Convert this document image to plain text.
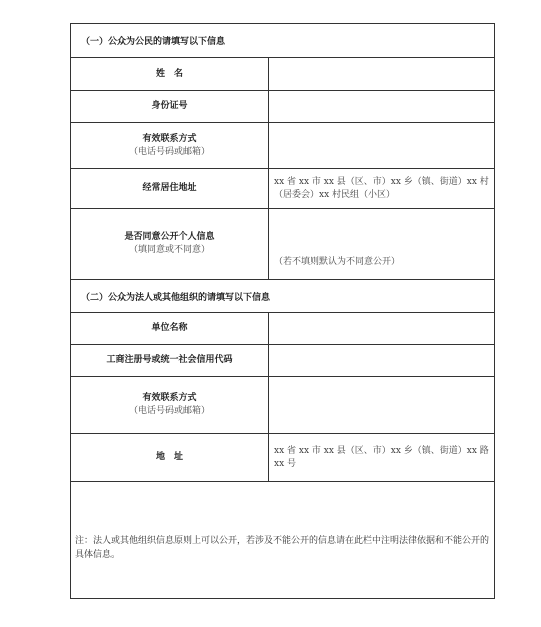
（一）公众为公民的请填写以下信息
姓　名
身份证号
有效联系方式
（电话号码或邮箱）
经常居住地址
xx 省 xx 市 xx 县（区、市）xx 乡（镇、街道）xx 村（居委会）xx 村民组（小区）
是否同意公开个人信息
（填同意或不同意）
（若不填则默认为不同意公开）
（二）公众为法人或其他组织的请填写以下信息
单位名称
工商注册号或统一社会信用代码
有效联系方式
（电话号码或邮箱）
地　址
xx 省 xx 市 xx 县（区、市）xx 乡（镇、街道）xx 路 xx 号
注：法人或其他组织信息原则上可以公开，若涉及不能公开的信息请在此栏中注明法律依据和不能公开的具体信息。
